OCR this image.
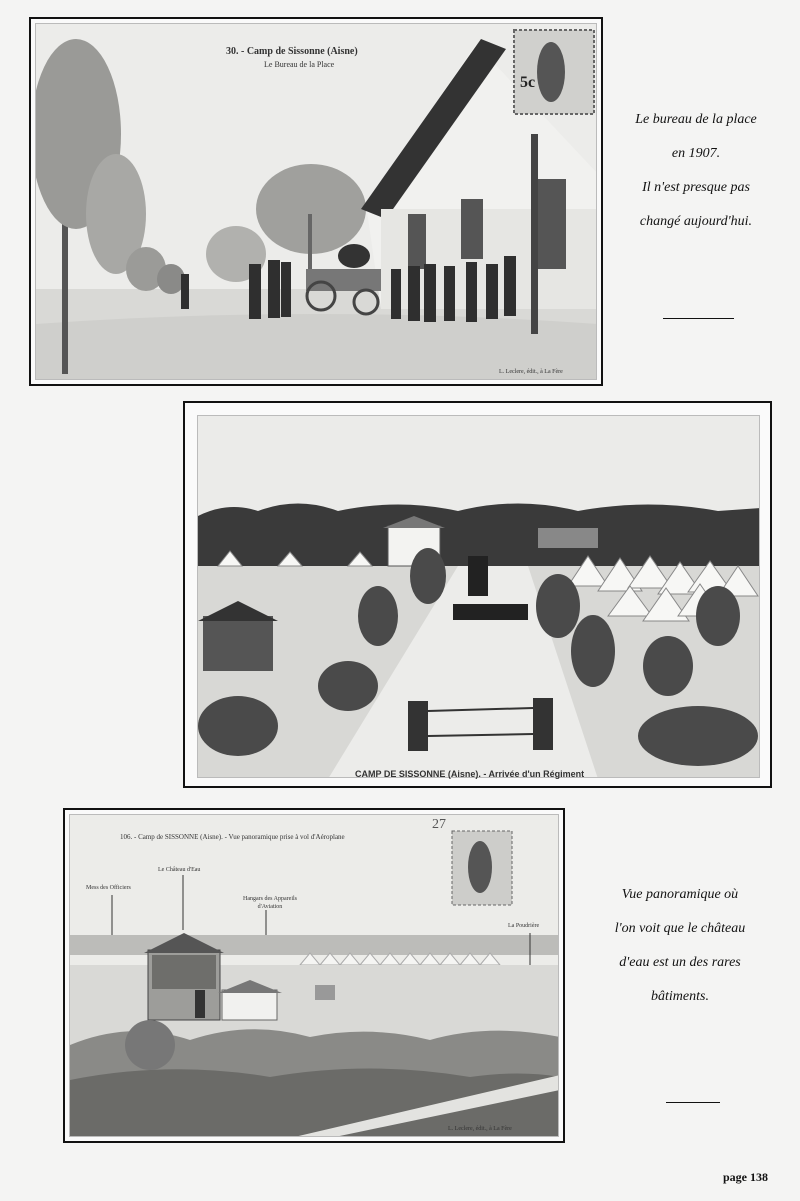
30. - Camp de Sissonne (Aisne)
Le Bureau de la Place
5c
L. Leclere, édit., à La Fère
Le bureau de la place
en 1907.
Il n'est presque pas
changé aujourd'hui.
CAMP DE SISSONNE (Aisne). - Arrivée d'un Régiment
106. - Camp de SISSONNE (Aisne). - Vue panoramique prise à vol d'Aéroplane
Mess des Officiers
Le Château d'Eau
Hangars des Appareils d'Aviation
La Poudrière
27
L. Leclere, édit., à La Fère
Vue panoramique où
l'on voit que le château
d'eau est un des rares
bâtiments.
page 138
